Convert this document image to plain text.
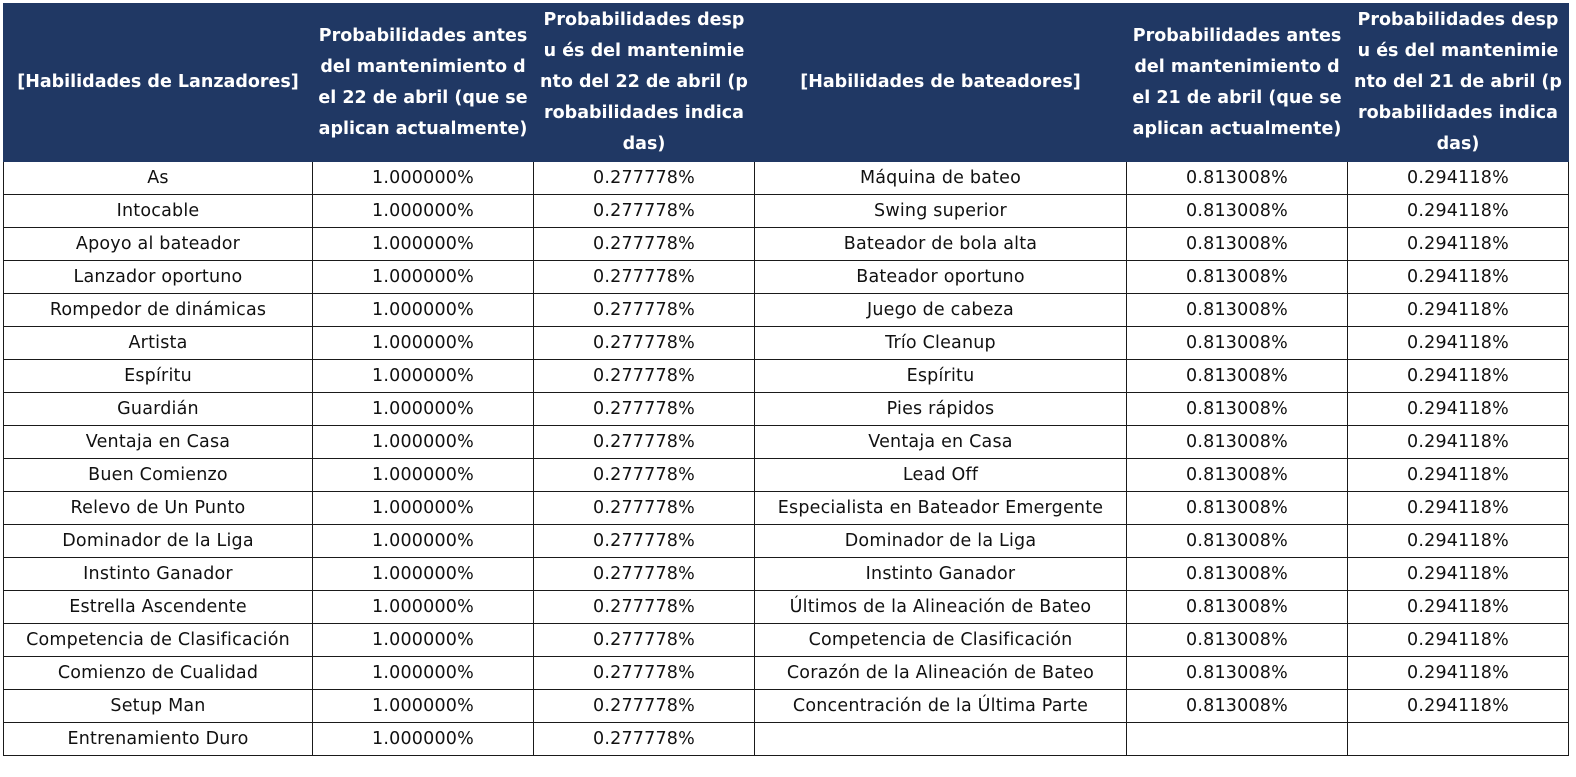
[Habilidades de Lanzadores]	Probabilidades antes del mantenimiento del 22 de abril (que se aplican actualmente)	Probabilidades despu és del mantenimiento del 22 de abril (probabilidades indicadas)	[Habilidades de bateadores]	Probabilidades antes del mantenimiento del 21 de abril (que se aplican actualmente)	Probabilidades despu és del mantenimiento del 21 de abril (probabilidades indicadas)
As	1.000000%	0.277778%	Máquina de bateo	0.813008%	0.294118%
Intocable	1.000000%	0.277778%	Swing superior	0.813008%	0.294118%
Apoyo al bateador	1.000000%	0.277778%	Bateador de bola alta	0.813008%	0.294118%
Lanzador oportuno	1.000000%	0.277778%	Bateador oportuno	0.813008%	0.294118%
Rompedor de dinámicas	1.000000%	0.277778%	Juego de cabeza	0.813008%	0.294118%
Artista	1.000000%	0.277778%	Trío Cleanup	0.813008%	0.294118%
Espíritu	1.000000%	0.277778%	Espíritu	0.813008%	0.294118%
Guardián	1.000000%	0.277778%	Pies rápidos	0.813008%	0.294118%
Ventaja en Casa	1.000000%	0.277778%	Ventaja en Casa	0.813008%	0.294118%
Buen Comienzo	1.000000%	0.277778%	Lead Off	0.813008%	0.294118%
Relevo de Un Punto	1.000000%	0.277778%	Especialista en Bateador Emergente	0.813008%	0.294118%
Dominador de la Liga	1.000000%	0.277778%	Dominador de la Liga	0.813008%	0.294118%
Instinto Ganador	1.000000%	0.277778%	Instinto Ganador	0.813008%	0.294118%
Estrella Ascendente	1.000000%	0.277778%	Últimos de la Alineación de Bateo	0.813008%	0.294118%
Competencia de Clasificación	1.000000%	0.277778%	Competencia de Clasificación	0.813008%	0.294118%
Comienzo de Cualidad	1.000000%	0.277778%	Corazón de la Alineación de Bateo	0.813008%	0.294118%
Setup Man	1.000000%	0.277778%	Concentración de la Última Parte	0.813008%	0.294118%
Entrenamiento Duro	1.000000%	0.277778%			
